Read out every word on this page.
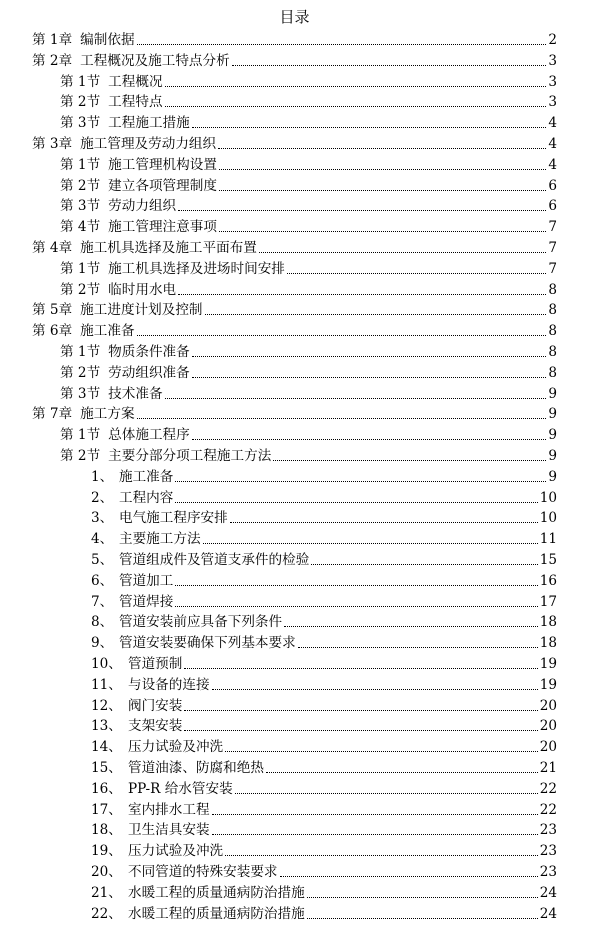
目录
第 1章 编制依据	2
第 2章 工程概况及施工特点分析	3
第 1节 工程概况	3
第 2节 工程特点	3
第 3节 工程施工措施	4
第 3章 施工管理及劳动力组织	4
第 1节 施工管理机构设置	4
第 2节 建立各项管理制度	6
第 3节 劳动力组织	6
第 4节 施工管理注意事项	7
第 4章 施工机具选择及施工平面布置	7
第 1节 施工机具选择及进场时间安排	7
第 2节 临时用水电	8
第 5章 施工进度计划及控制	8
第 6章 施工准备	8
第 1节 物质条件准备	8
第 2节 劳动组织准备	8
第 3节 技术准备	9
第 7章 施工方案	9
第 1节 总体施工程序	9
第 2节 主要分部分项工程施工方法	9
1、 施工准备	9
2、 工程内容	10
3、 电气施工程序安排	10
4、 主要施工方法	11
5、 管道组成件及管道支承件的检验	15
6、 管道加工	16
7、 管道焊接	17
8、 管道安装前应具备下列条件	18
9、 管道安装要确保下列基本要求	18
10、 管道预制	19
11、 与设备的连接	19
12、 阀门安装	20
13、 支架安装	20
14、 压力试验及冲洗	20
15、 管道油漆、防腐和绝热	21
16、 PP-R 给水管安装	22
17、 室内排水工程	22
18、 卫生洁具安装	23
19、 压力试验及冲洗	23
20、 不同管道的特殊安装要求	23
21、 水暖工程的质量通病防治措施	24
22、 水暖工程的质量通病防治措施	24
